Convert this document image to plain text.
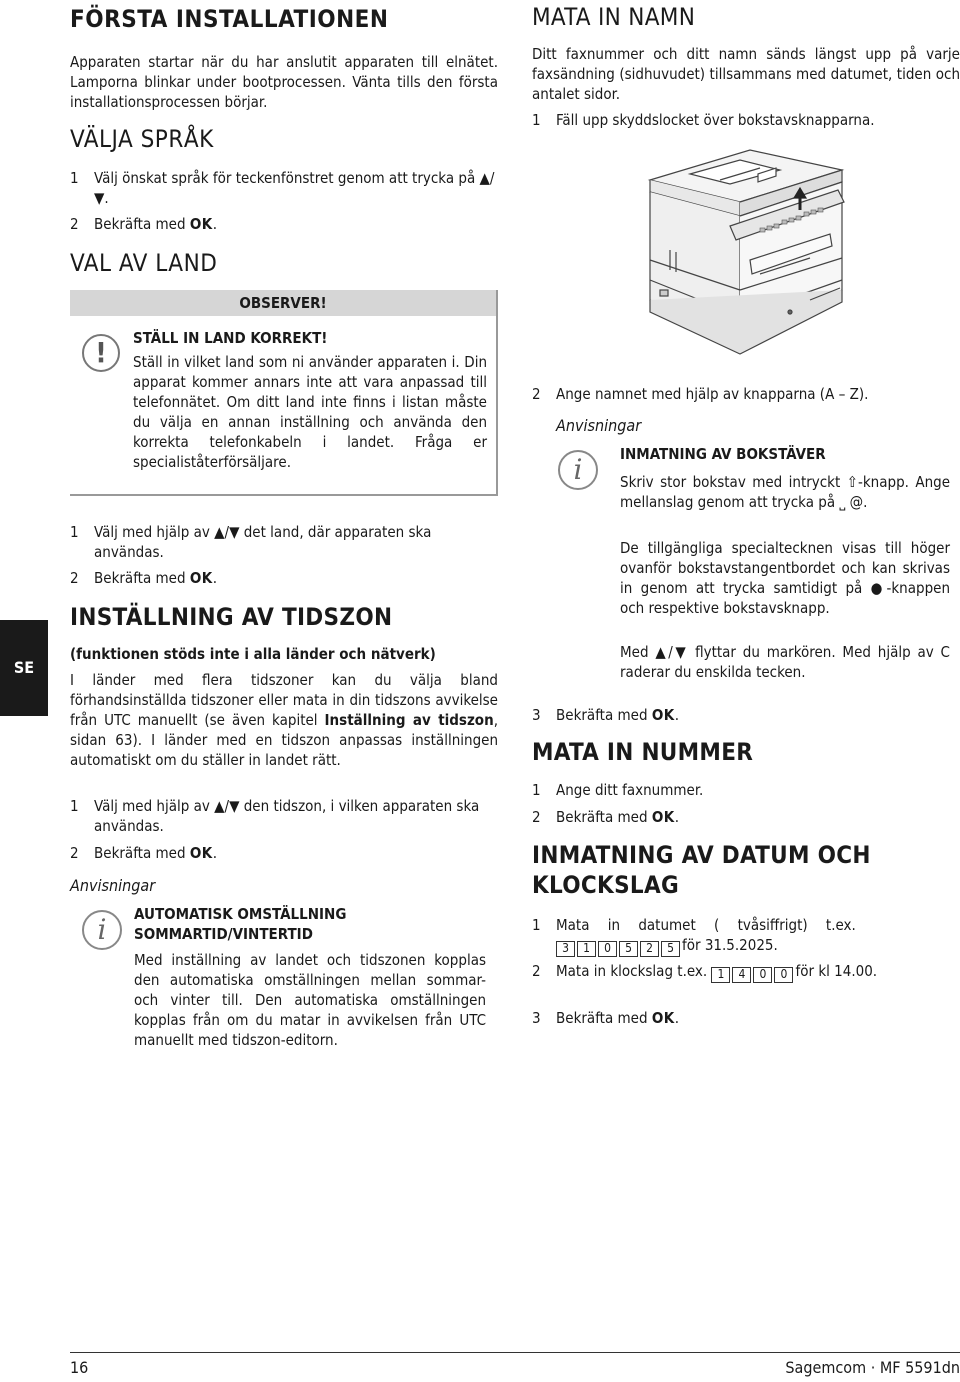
SE
FÖRSTA INSTALLATIONEN
Apparaten startar när du har anslutit apparaten till elnätet. Lamporna blinkar under bootprocessen. Vänta tills den första installationsprocessen börjar.
VÄLJA SPRÅK
1	Välj önskat språk för teckenfönstret genom att trycka på ▲/▼.
2	Bekräfta med OK.
VAL AV LAND
OBSERVER!
!	STÄLL IN LAND KORREKT!
Ställ in vilket land som ni använder apparaten i. Din apparat kommer annars inte att vara anpassad till telefonnätet. Om ditt land inte finns i listan måste du välja en annan inställning och använda den korrekta telefonkabeln i landet. Fråga er specialiståterförsäljare.
1	Välj med hjälp av ▲/▼ det land, där apparaten ska användas.
2	Bekräfta med OK.
INSTÄLLNING AV TIDSZON
(funktionen stöds inte i alla länder och nätverk)
I länder med flera tidszoner kan du välja bland förhandsinställda tidszoner eller mata in din tidszons avvikelse från UTC manuellt (se även kapitel Inställning av tidszon, sidan 63). I länder med en tidszon anpassas inställningen automatiskt om du ställer in landet rätt.
1	Välj med hjälp av ▲/▼ den tidszon, i vilken apparaten ska användas.
2	Bekräfta med OK.
Anvisningar
i	AUTOMATISK OMSTÄLLNING SOMMARTID/VINTERTID
Med inställning av landet och tidszonen kopplas den automatiska omställningen mellan sommar- och vinter till. Den automatiska omställningen kopplas från om du matar in avvikelsen från UTC manuellt med tidszon-editorn.
MATA IN NAMN
Ditt faxnummer och ditt namn sänds längst upp på varje faxsändning (sidhuvudet) tillsammans med datumet, tiden och antalet sidor.
1	Fäll upp skyddslocket över bokstavsknapparna.
2	Ange namnet med hjälp av knapparna (A – Z).
Anvisningar
i	INMATNING AV BOKSTÄVER
Skriv stor bokstav med intryckt ⇧-knapp. Ange mellanslag genom att trycka på ⎵ @.
De tillgängliga specialtecknen visas till höger ovanför bokstavstangentbordet och kan skrivas in genom att trycka samtidigt på ●-knappen och respektive bokstavsknapp.
Med ▲/▼ flyttar du markören. Med hjälp av C raderar du enskilda tecken.
3	Bekräfta med OK.
MATA IN NUMMER
1	Ange ditt faxnummer.
2	Bekräfta med OK.
INMATNING AV DATUM OCH KLOCKSLAG
1	Mata in datumet ( tvåsiffrigt) t.ex.
3 1 0 5 2 5 för 31.5.2025.
2	Mata in klockslag t.ex. 1 4 0 0 för kl 14.00.
3	Bekräfta med OK.
16	Sagemcom · MF 5591dn
